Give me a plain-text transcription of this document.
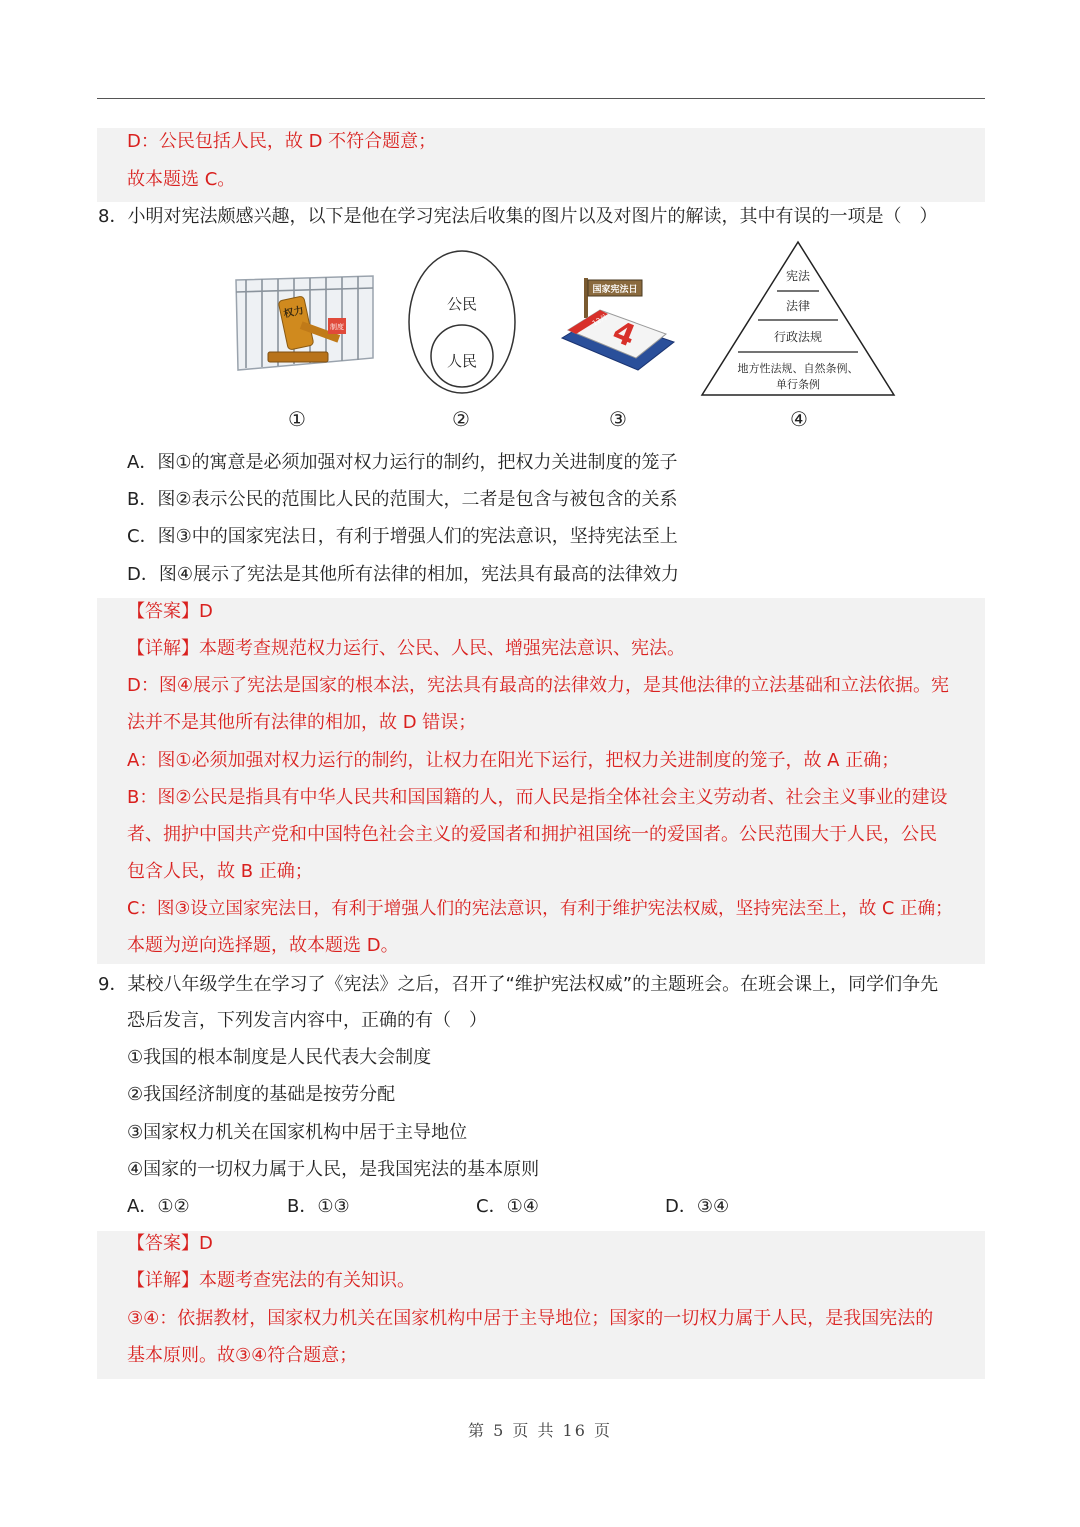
D：公民包括人民，故 D 不符合题意；
故本题选 C。
8．小明对宪法颇感兴趣，以下是他在学习宪法后收集的图片以及对图片的解读，其中有误的一项是（　）
权力
制度
①
公民
人民
②
国家宪法日
12月
4
③
宪法
法律
行政法规
地方性法规、自然条例、
单行条例
④
A．图①的寓意是必须加强对权力运行的制约，把权力关进制度的笼子
B．图②表示公民的范围比人民的范围大，二者是包含与被包含的关系
C．图③中的国家宪法日，有利于增强人们的宪法意识，坚持宪法至上
D．图④展示了宪法是其他所有法律的相加，宪法具有最高的法律效力
【答案】D
【详解】本题考查规范权力运行、公民、人民、增强宪法意识、宪法。
D：图④展示了宪法是国家的根本法，宪法具有最高的法律效力，是其他法律的立法基础和立法依据。宪
法并不是其他所有法律的相加，故 D 错误；
A：图①必须加强对权力运行的制约，让权力在阳光下运行，把权力关进制度的笼子，故 A 正确；
B：图②公民是指具有中华人民共和国国籍的人，而人民是指全体社会主义劳动者、社会主义事业的建设
者、拥护中国共产党和中国特色社会主义的爱国者和拥护祖国统一的爱国者。公民范围大于人民，公民
包含人民，故 B 正确；
C：图③设立国家宪法日，有利于增强人们的宪法意识，有利于维护宪法权威，坚持宪法至上，故 C 正确；
本题为逆向选择题，故本题选 D。
9．某校八年级学生在学习了《宪法》之后，召开了“维护宪法权威”的主题班会。在班会课上，同学们争先
恐后发言，下列发言内容中，正确的有（　）
①我国的根本制度是人民代表大会制度
②我国经济制度的基础是按劳分配
③国家权力机关在国家机构中居于主导地位
④国家的一切权力属于人民，是我国宪法的基本原则
A．①②	B．①③	C．①④	D．③④
【答案】D
【详解】本题考查宪法的有关知识。
③④：依据教材，国家权力机关在国家机构中居于主导地位；国家的一切权力属于人民，是我国宪法的
基本原则。故③④符合题意；
第 5 页 共 16 页
